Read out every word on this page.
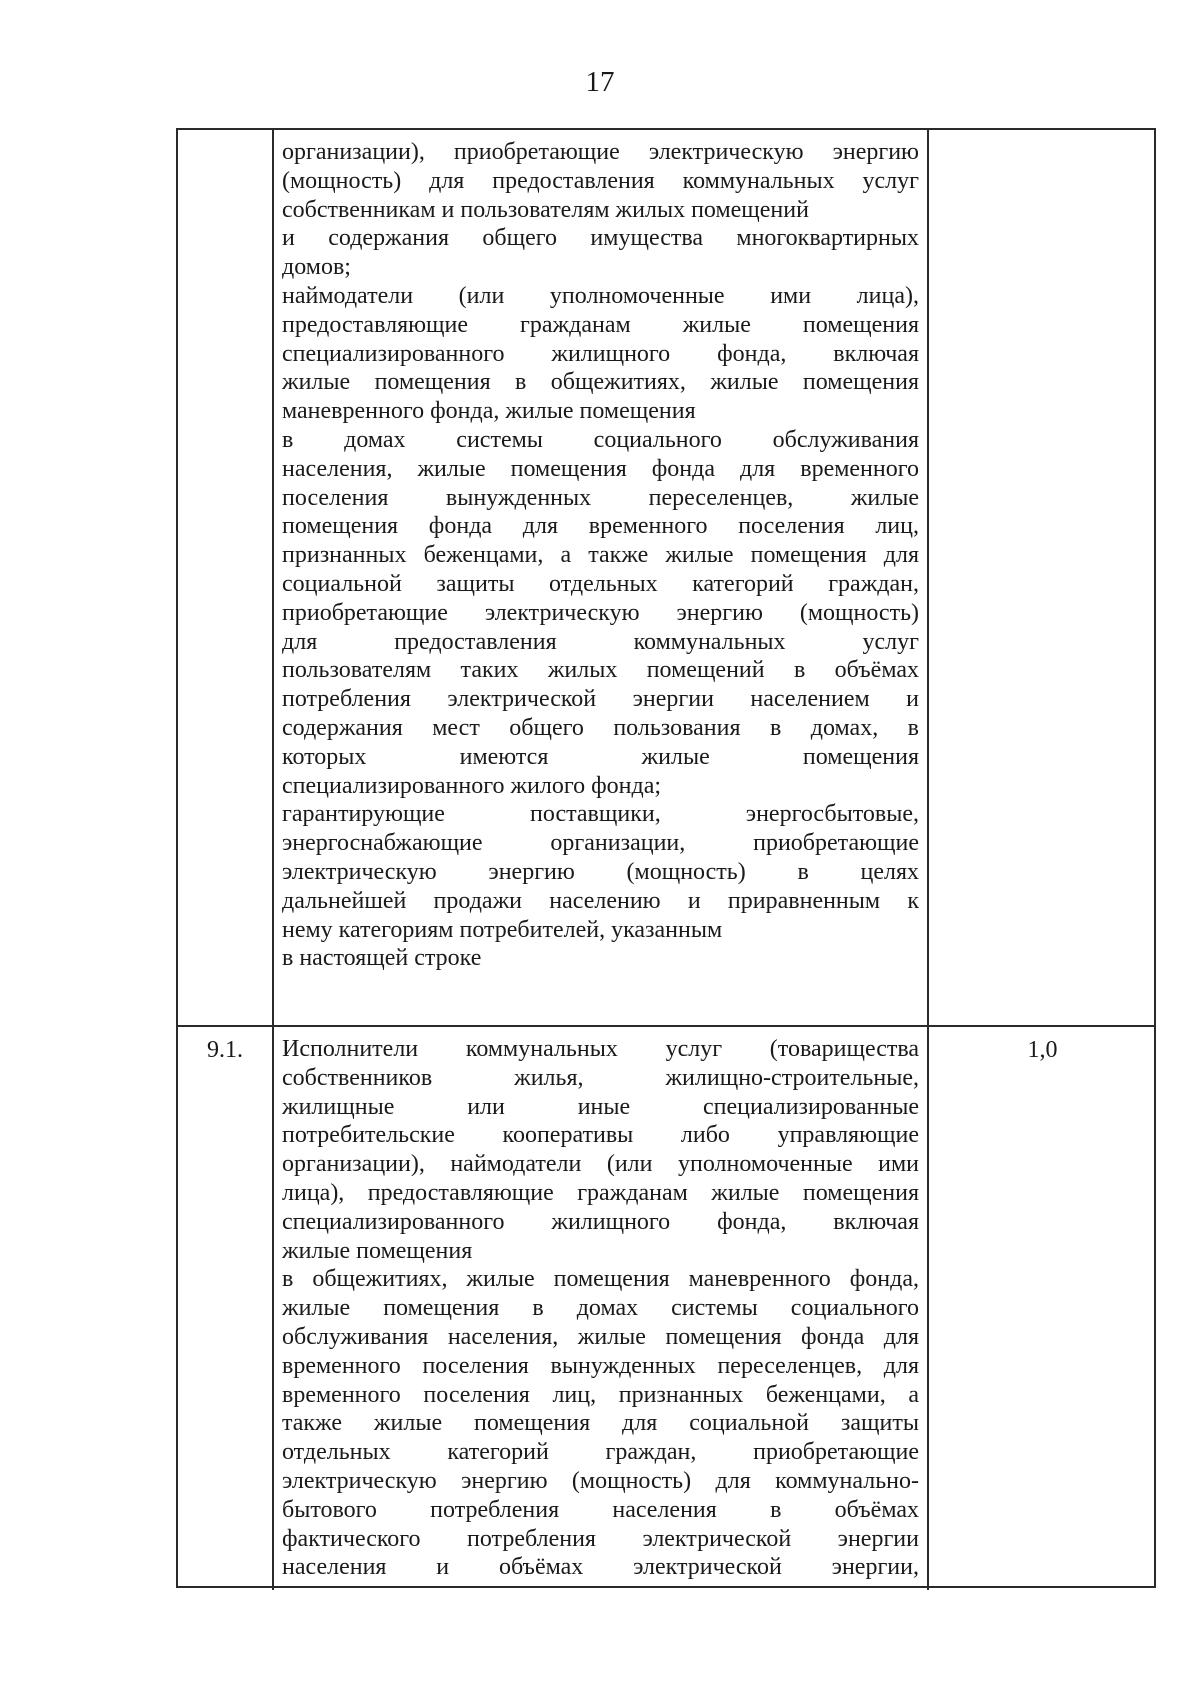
17
организации), приобретающие электрическую энергию
(мощность) для предоставления коммунальных услуг
собственникам и пользователям жилых помещений
и содержания общего имущества многоквартирных
домов;
наймодатели (или уполномоченные ими лица),
предоставляющие гражданам жилые помещения
специализированного жилищного фонда, включая
жилые помещения в общежитиях, жилые помещения
маневренного фонда, жилые помещения
в домах системы социального обслуживания
населения, жилые помещения фонда для временного
поселения вынужденных переселенцев, жилые
помещения фонда для временного поселения лиц,
признанных беженцами, а также жилые помещения для
социальной защиты отдельных категорий граждан,
приобретающие электрическую энергию (мощность)
для предоставления коммунальных услуг
пользователям таких жилых помещений в объёмах
потребления электрической энергии населением и
содержания мест общего пользования в домах, в
которых имеются жилые помещения
специализированного жилого фонда;
гарантирующие поставщики, энергосбытовые,
энергоснабжающие организации, приобретающие
электрическую энергию (мощность) в целях
дальнейшей продажи населению и приравненным к
нему категориям потребителей, указанным
в настоящей строке
9.1.	Исполнители коммунальных услуг (товарищества
собственников жилья, жилищно-строительные,
жилищные или иные специализированные
потребительские кооперативы либо управляющие
организации), наймодатели (или уполномоченные ими
лица), предоставляющие гражданам жилые помещения
специализированного жилищного фонда, включая
жилые помещения
в общежитиях, жилые помещения маневренного фонда,
жилые помещения в домах системы социального
обслуживания населения, жилые помещения фонда для
временного поселения вынужденных переселенцев, для
временного поселения лиц, признанных беженцами, а
также жилые помещения для социальной защиты
отдельных категорий граждан, приобретающие
электрическую энергию (мощность) для коммунально-
бытового потребления населения в объёмах
фактического потребления электрической энергии
населения и объёмах электрической энергии,
1,0
